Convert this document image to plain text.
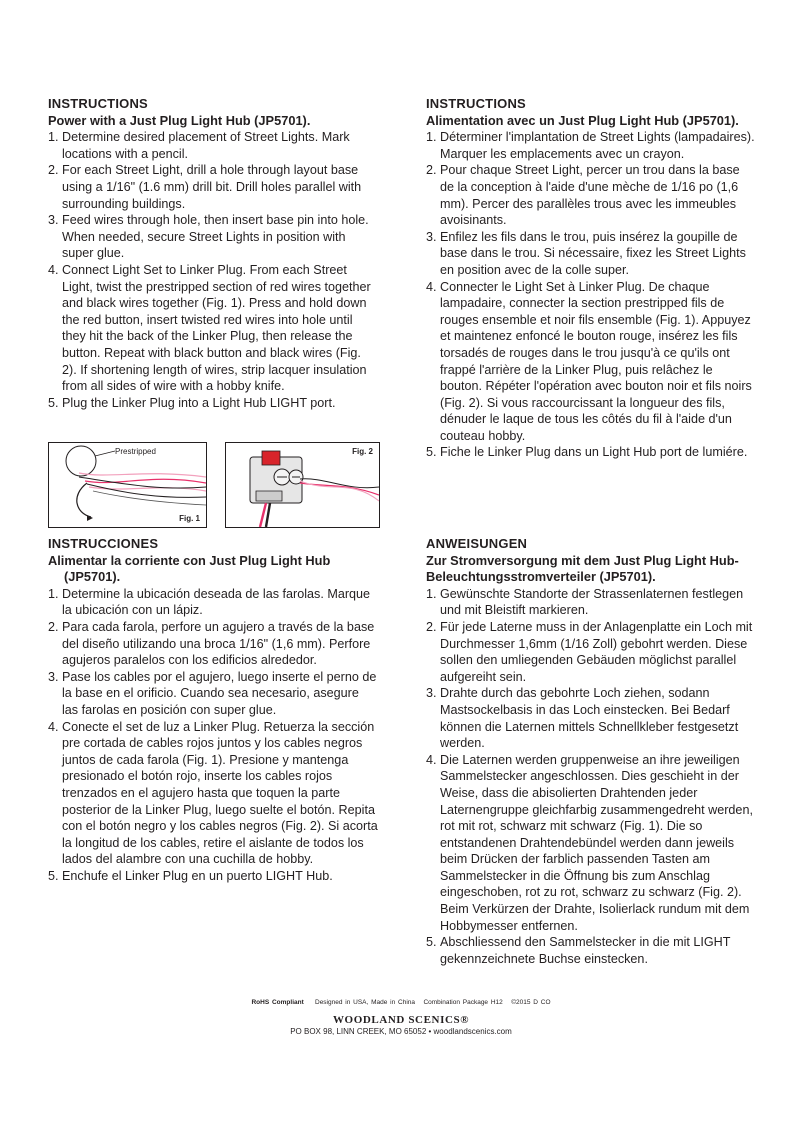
INSTRUCTIONS
Power with a Just Plug Light Hub (JP5701).
1. Determine desired placement of Street Lights. Mark locations with a pencil.
2. For each Street Light, drill a hole through layout base using a 1/16" (1.6 mm) drill bit. Drill holes parallel with surrounding buildings.
3. Feed wires through hole, then insert base pin into hole. When needed, secure Street Lights in position with super glue.
4. Connect Light Set to Linker Plug. From each Street Light, twist the prestripped section of red wires together and black wires together (Fig. 1). Press and hold down the red button, insert twisted red wires into hole until they hit the back of the Linker Plug, then release the button. Repeat with black button and black wires (Fig. 2). If shortening length of wires, strip lacquer insulation from all sides of wire with a hobby knife.
5. Plug the Linker Plug into a Light Hub LIGHT port.
Prestripped
Fig. 1
Fig. 2
INSTRUCTIONS
Alimentation avec un Just Plug Light Hub (JP5701).
1. Déterminer l'implantation de Street Lights (lampadaires). Marquer les emplacements avec un crayon.
2. Pour chaque Street Light, percer un trou dans la base de la conception à l'aide d'une mèche de 1/16 po (1,6 mm). Percer des parallèles trous avec les immeubles avoisinants.
3. Enfilez les fils dans le trou, puis insérez la goupille de base dans le trou. Si nécessaire, fixez les Street Lights en position avec de la colle super.
4. Connecter le Light Set à Linker Plug. De chaque lampadaire, connecter la section prestripped fils de rouges ensemble et noir fils ensemble (Fig. 1). Appuyez et maintenez enfoncé le bouton rouge, insérez les fils torsadés de rouges dans le trou jusqu'à ce qu'ils ont frappé l'arrière de la Linker Plug, puis relâchez le bouton. Répéter l'opération avec bouton noir et fils noirs (Fig. 2). Si vous raccourcissant la longueur des fils, dénuder le laque de tous les côtés du fil à l'aide d'un couteau hobby.
5. Fiche le Linker Plug dans un Light Hub port de lumiére.
INSTRUCCIONES
Alimentar la corriente con Just Plug Light Hub
(JP5701).
1. Determine la ubicación deseada de las farolas. Marque la ubicación con un lápiz.
2. Para cada farola, perfore un agujero a través de la base del diseño utilizando una broca 1/16" (1,6 mm). Perfore agujeros paralelos con los edificios alrededor.
3. Pase los cables por el agujero, luego inserte el perno de la base en el orificio. Cuando sea necesario, asegure las farolas en posición con super glue.
4. Conecte el set de luz a Linker Plug. Retuerza la sección pre cortada de cables rojos juntos y los cables negros juntos de cada farola (Fig. 1). Presione y mantenga presionado el botón rojo, inserte los cables rojos trenzados en el agujero hasta que toquen la parte posterior de la Linker Plug, luego suelte el botón. Repita con el botón negro y los cables negros (Fig. 2). Si acorta la longitud de los cables, retire el aislante de todos los lados del alambre con una cuchilla de hobby.
5. Enchufe el Linker Plug en un puerto LIGHT Hub.
ANWEISUNGEN
Zur Stromversorgung mit dem Just Plug Light Hub-
Beleuchtungsstromverteiler (JP5701).
1. Gewünschte Standorte der Strassenlaternen festlegen und mit Bleistift markieren.
2. Für jede Laterne muss in der Anlagenplatte ein Loch mit Durchmesser 1,6mm (1/16 Zoll) gebohrt werden. Diese sollen den umliegenden Gebäuden möglichst parallel aufgereiht sein.
3. Drahte durch das gebohrte Loch ziehen, sodann Mastsockelbasis in das Loch einstecken. Bei Bedarf können die Laternen mittels Schnellkleber festgesetzt werden.
4. Die Laternen werden gruppenweise an ihre jeweiligen Sammelstecker angeschlossen. Dies geschieht in der Weise, dass die abisolierten Drahtenden jeder Laternengruppe gleichfarbig zusammengedreht werden, rot mit rot, schwarz mit schwarz (Fig. 1). Die so entstandenen Drahtendebündel werden dann jeweils beim Drücken der farblich passenden Tasten am Sammelstecker in die Öffnung bis zum Anschlag eingeschoben, rot zu rot, schwarz zu schwarz (Fig. 2). Beim Verkürzen der Drahte, Isolierlack rundum mit dem Hobbymesser entfernen.
5. Abschliessend den Sammelstecker in die mit LIGHT gekennzeichnete Buchse einstecken.
RoHS Compliant Designed in USA, Made in China Combination Package H12 ©2015 D CO
WOODLAND SCENICS®
PO BOX 98, LINN CREEK, MO 65052 • woodlandscenics.com
